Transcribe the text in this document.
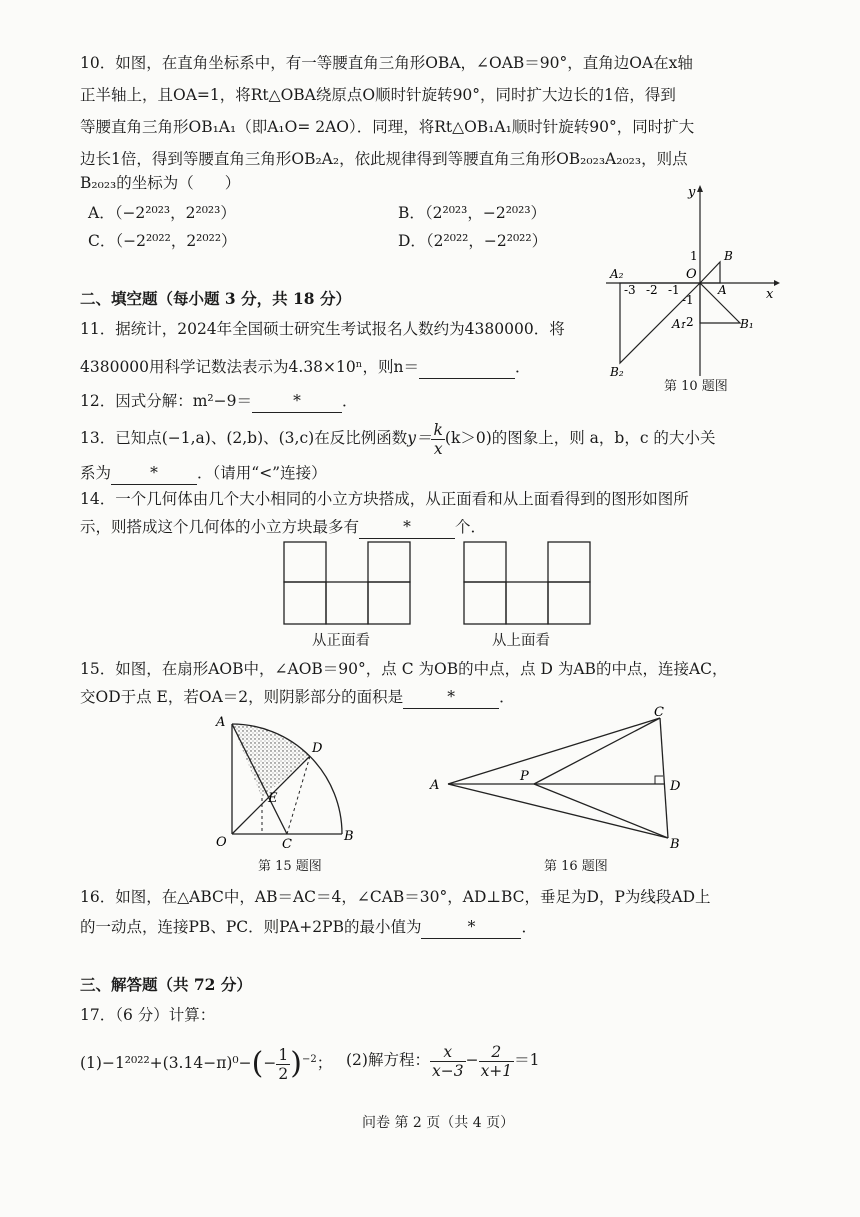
10．如图，在直角坐标系中，有一等腰直角三角形OBA，∠OAB＝90°，直角边OA在x轴
正半轴上，且OA=1，将Rt△OBA绕原点O顺时针旋转90°，同时扩大边长的1倍，得到
等腰直角三角形OB₁A₁（即A₁O= 2AO）．同理，将Rt△OB₁A₁顺时针旋转90°，同时扩大
边长1倍，得到等腰直角三角形OB₂A₂，依此规律得到等腰直角三角形OB₂₀₂₃A₂₀₂₃，则点
B₂₀₂₃的坐标为（　　）
A．（−2²⁰²³，2²⁰²³）	B．（2²⁰²³，−2²⁰²³）
C．（−2²⁰²²，2²⁰²²）	D．（2²⁰²²，−2²⁰²²）
y
x
O
1
-1
-2
-3 -2 -1
B
A
A₁	B₁
A₂
B₂
第 10 题图
二、填空题（每小题 3 分，共 18 分）
11．据统计，2024年全国硕士研究生考试报名人数约为4380000．将
4380000用科学记数法表示为4.38×10ⁿ，则n＝	．
12．因式分解：m²−9＝	*	．
13．已知点(−1,a)、(2,b)、(3,c)在反比例函数$y= \frac{k}{x} (k>0)$的图象上，则 a，b，c 的大小关
系为	*	．（请用“<”连接）
14．一个几何体由几个大小相同的小立方块搭成，从正面看和从上面看得到的图形如图所
示，则搭成这个几何体的小立方块最多有	*	个．
从正面看	从上面看
15．如图，在扇形AOB中，∠AOB＝90°，点 C 为OB的中点，点 D 为AB的中点，连接AC，
交OD于点 E，若OA＝2，则阴影部分的面积是	*	．
A
D
E
O	C
B
第 15 题图
A
C
D
B
P
第 16 题图
16．如图，在△ABC中，AB＝AC＝4，∠CAB＝30°，AD⊥BC，垂足为D，P为线段AD上
的一动点，连接PB、PC．则PA+2PB的最小值为	*	．
三、解答题（共 72 分）
17．（6 分）计算：
$(1)-1^{2022}+(3.14-\pi)^0-(- \frac{1}{2} )^{-2}$； (2)解方程： $\frac{x}{x-3} - \frac{2}{x+1} =1$
问卷 第 2 页（共 4 页）
